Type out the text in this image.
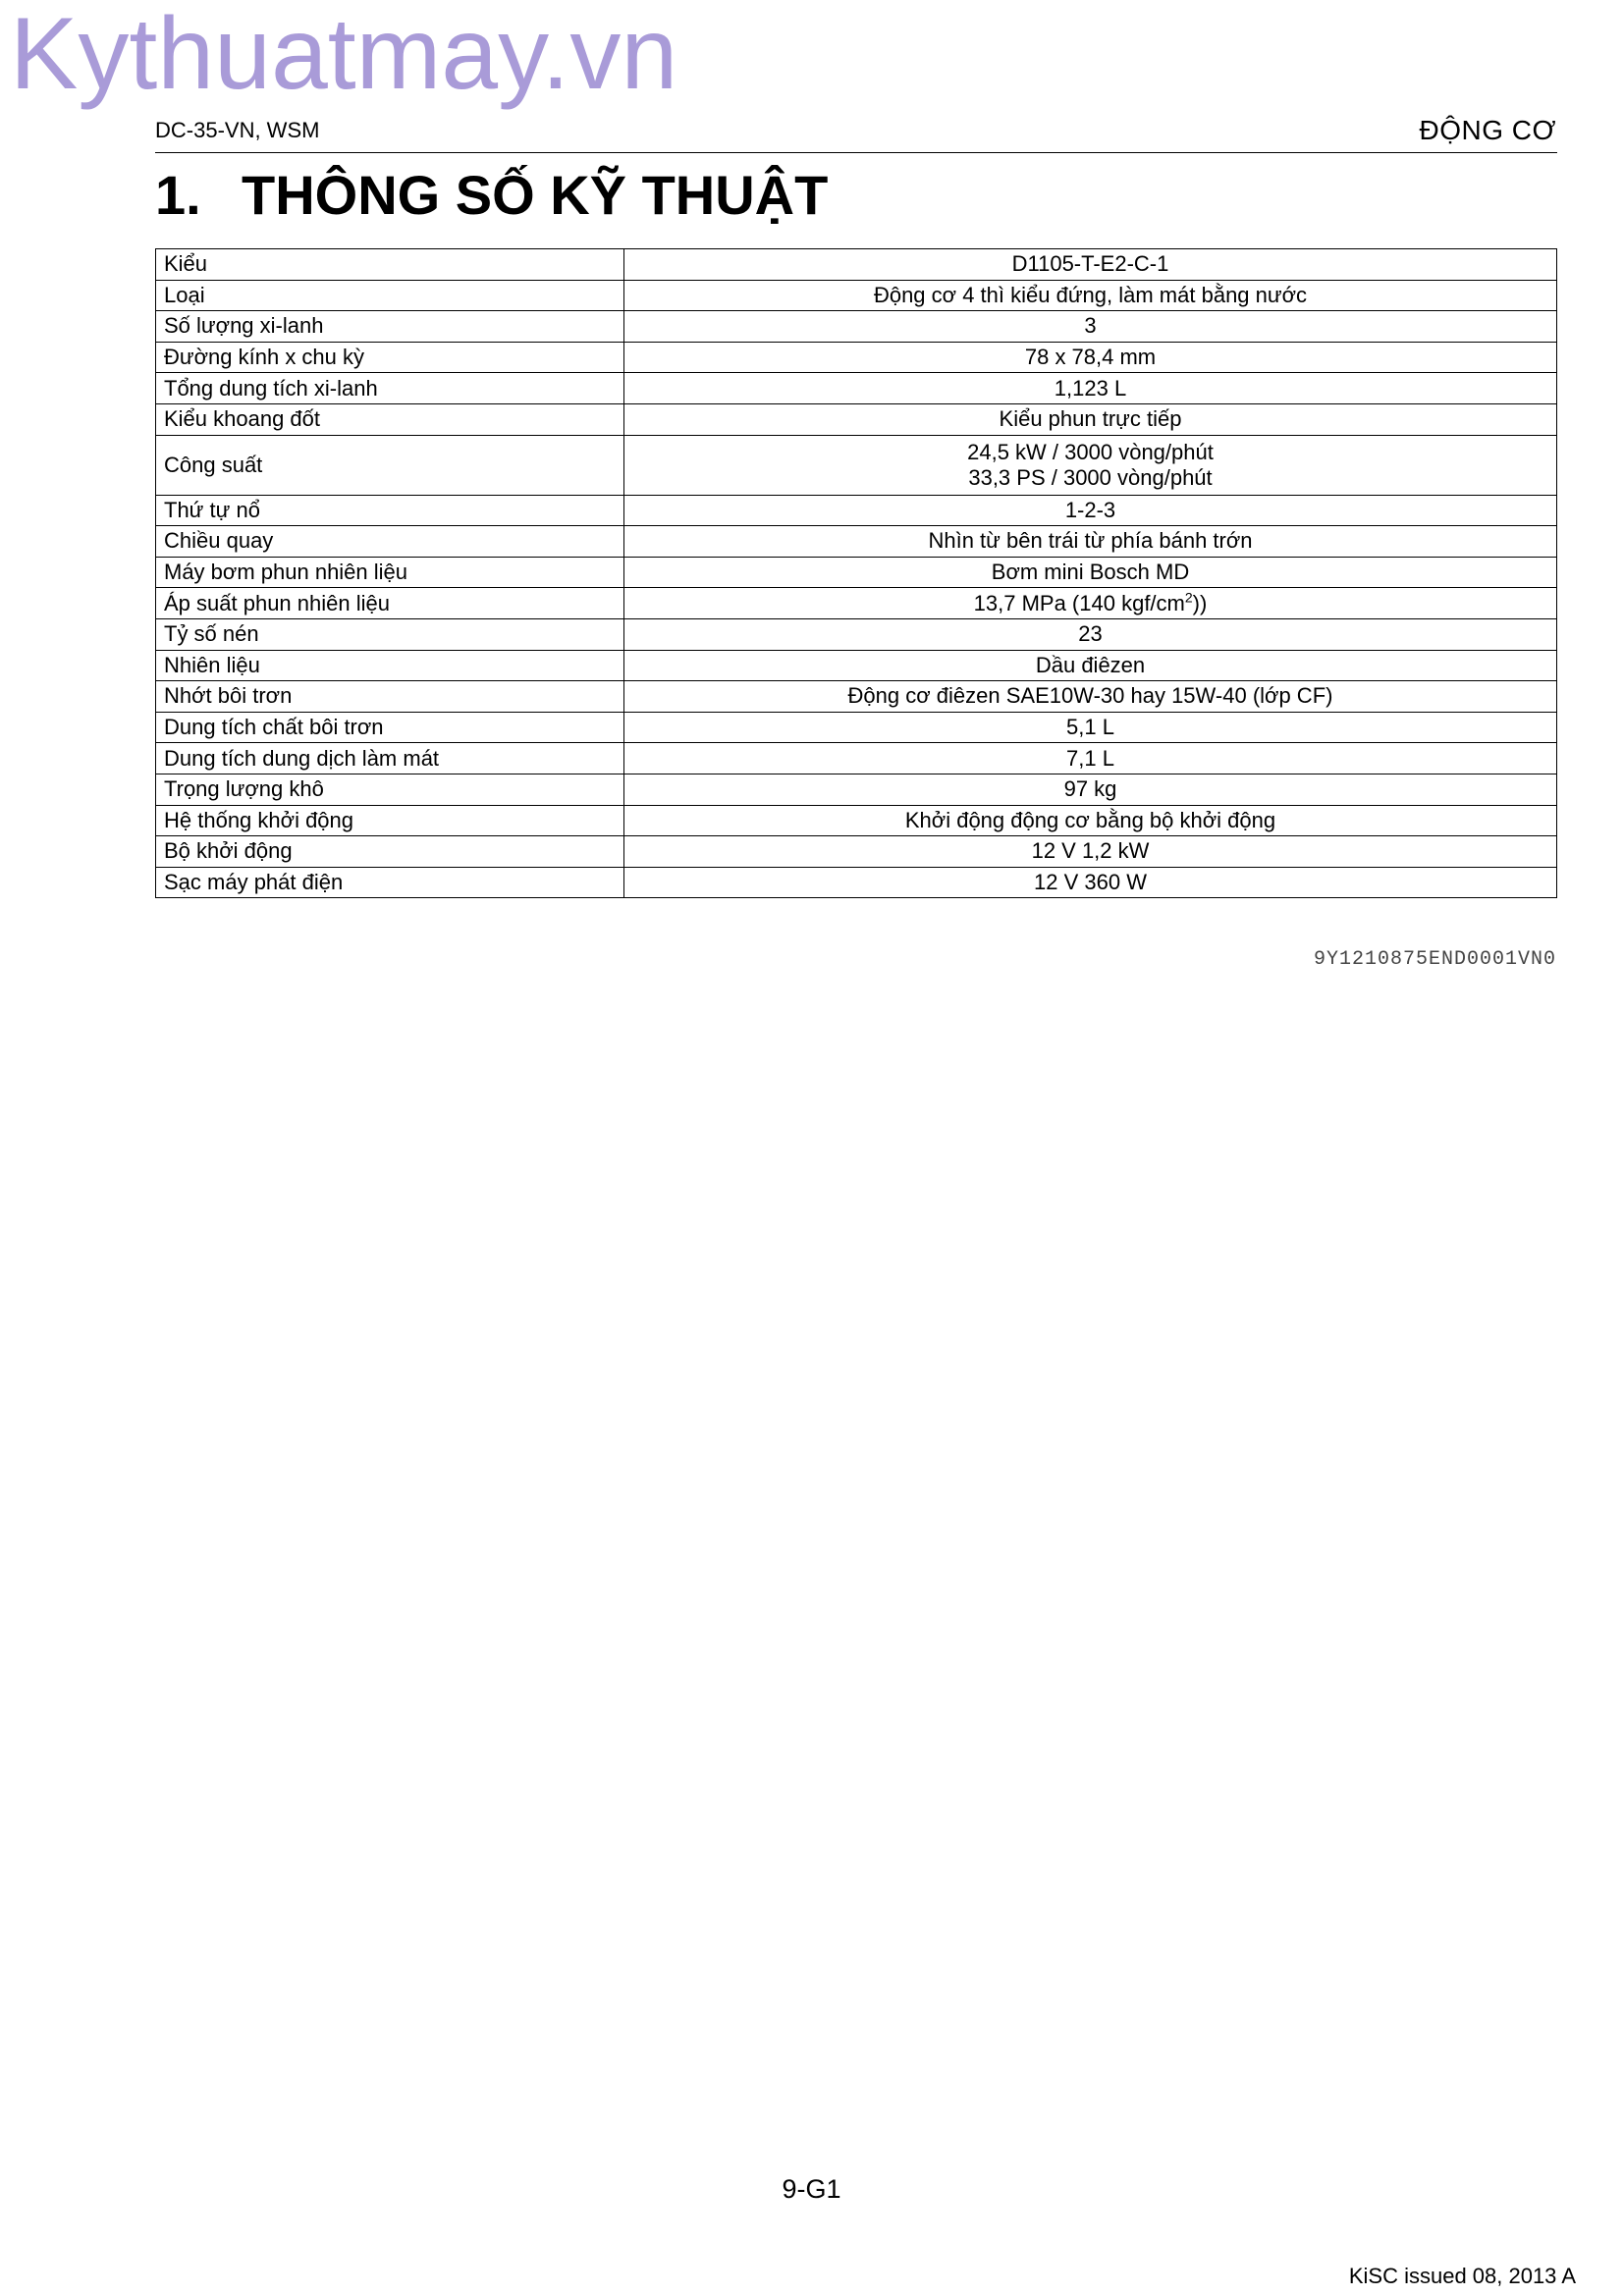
Kythuatmay.vn
DC-35-VN, WSM	ĐỘNG CƠ
1. THÔNG SỐ KỸ THUẬT
Kiểu	D1105-T-E2-C-1
Loại	Động cơ 4 thì kiểu đứng, làm mát bằng nước
Số lượng xi-lanh	3
Đường kính x chu kỳ	78 x 78,4 mm
Tổng dung tích xi-lanh	1,123 L
Kiểu khoang đốt	Kiểu phun trực tiếp
Công suất	24,5 kW / 3000 vòng/phút
33,3 PS / 3000 vòng/phút

Thứ tự nổ	1-2-3
Chiều quay	Nhìn từ bên trái từ phía bánh trớn
Máy bơm phun nhiên liệu	Bơm mini Bosch MD
Áp suất phun nhiên liệu	13,7 MPa (140 kgf/$cm^2$))
Tỷ số nén	23
Nhiên liệu	Dầu điêzen
Nhớt bôi trơn	Động cơ điêzen SAE10W-30 hay 15W-40 (lớp CF)
Dung tích chất bôi trơn	5,1 L
Dung tích dung dịch làm mát	7,1 L
Trọng lượng khô	97 kg
Hệ thống khởi động	Khởi động động cơ bằng bộ khởi động
Bộ khởi động	12 V 1,2 kW
Sạc máy phát điện	12 V 360 W
9Y1210875END0001VN0
9-G1
KiSC issued 08, 2013 A
